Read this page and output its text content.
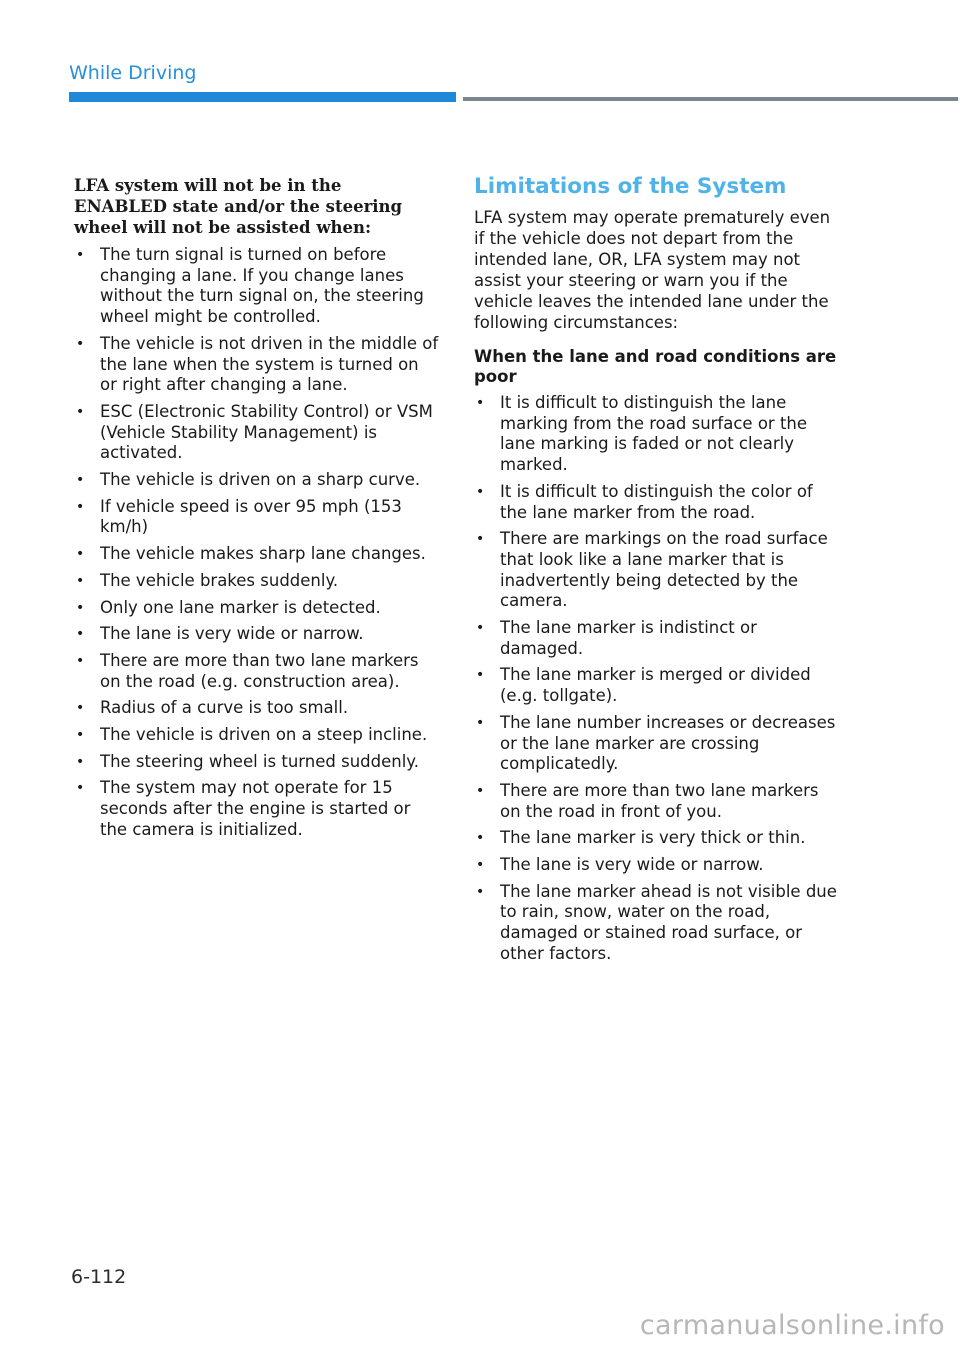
While Driving

LFA system will not be in the ENABLED state and/or the steering wheel will not be assisted when:

• The turn signal is turned on before changing a lane. If you change lanes without the turn signal on, the steering wheel might be controlled.
• The vehicle is not driven in the middle of the lane when the system is turned on or right after changing a lane.
• ESC (Electronic Stability Control) or VSM (Vehicle Stability Management) is activated.
• The vehicle is driven on a sharp curve.
• If vehicle speed is over 95 mph (153 km/h)
• The vehicle makes sharp lane changes.
• The vehicle brakes suddenly.
• Only one lane marker is detected.
• The lane is very wide or narrow.
• There are more than two lane markers on the road (e.g. construction area).
• Radius of a curve is too small.
• The vehicle is driven on a steep incline.
• The steering wheel is turned suddenly.
• The system may not operate for 15 seconds after the engine is started or the camera is initialized.
Limitations of the System

LFA system may operate prematurely even if the vehicle does not depart from the intended lane, OR, LFA system may not assist your steering or warn you if the vehicle leaves the intended lane under the following circumstances:

When the lane and road conditions are poor

• It is difficult to distinguish the lane marking from the road surface or the lane marking is faded or not clearly marked.
• It is difficult to distinguish the color of the lane marker from the road.
• There are markings on the road surface that look like a lane marker that is inadvertently being detected by the camera.
• The lane marker is indistinct or damaged.
• The lane marker is merged or divided (e.g. tollgate).
• The lane number increases or decreases or the lane marker are crossing complicatedly.
• There are more than two lane markers on the road in front of you.
• The lane marker is very thick or thin.
• The lane is very wide or narrow.
• The lane marker ahead is not visible due to rain, snow, water on the road, damaged or stained road surface, or other factors.
6-112
carmanualsonline.info
